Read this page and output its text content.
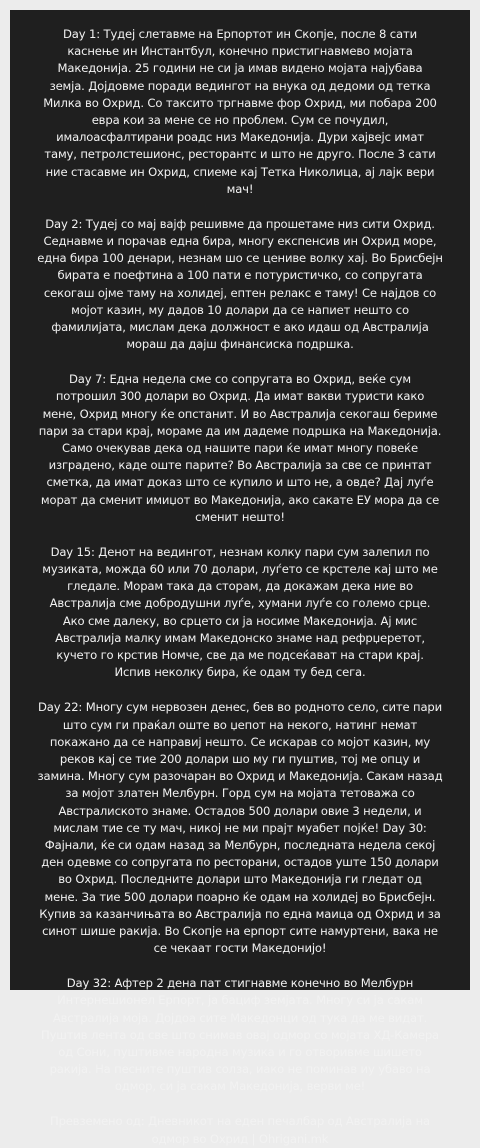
Day 1: Тудеј слетавме на Ерпортот ин Скопје, после 8 сати
каснење ин Инстантбул, конечно пристигнавмево мојата
Македонија. 25 години не си ја имав видено мојата најубава
земја. Дојдовме поради ведингот на внука од дедоми од тетка
Милка во Охрид. Со таксито тргнавме фор Охрид, ми побара 200
евра кои за мене се но проблем. Сум се почудил,
ималоасфалтирани роадс низ Македонија. Дури хајвејс имат
таму, петролстешионс, ресторантс и што не друго. После 3 сати
ние стасавме ин Охрид, спиеме кај Тетка Николица, ај лајк вери
мач!

Day 2: Тудеј со мај вајф решивме да прошетаме низ сити Охрид.
Седнавме и порачав една бира, многу експенсив ин Охрид море,
една бира 100 денари, незнам шо се цениве волку хај. Во Брисбејн
бирата е поефтина а 100 пати е потуристичко, со сопругата
секогаш ојме таму на холидеј, ептен релакс е таму! Се најдов со
мојот казин, му дадов 10 долари да се напиет нешто со
фамилијата, мислам дека должност е ако идаш од Австралија
мораш да дајш финансиска подршка.

Day 7: Една недела сме со сопругата во Охрид, веќе сум
потрошил 300 долари во Охрид. Да имат вакви туристи како
мене, Охрид многу ќе опстанит. И во Австралија секогаш бериме
пари за стари крај, мораме да им дадеме подршка на Македонија.
Само очекував дека од нашите пари ќе имат многу повеќе
изградено, каде оште парите? Во Австралија за све се принтат
сметка, да имат доказ што се купило и што не, а овде? Дај луѓе
морат да сменит имиџот во Македонија, ако сакате ЕУ мора да се
сменит нешто!

Day 15: Денот на ведингот, незнам колку пари сум залепил по
музиката, можда 60 или 70 долари, луѓето се крстеле кај што ме
гледале. Морам така да сторам, да докажам дека ние во
Австралија сме добродушни луѓе, хумани луѓе со големо срце.
Ако сме далеку, во срцето си ја носиме Македонија. Ај мис
Австралија малку имам Македонско знаме над рефрџеретот,
кучето го крстив Номче, све да ме подсеќават на стари крај.
Испив неколку бира, ќе одам ту бед сега.

Day 22: Многу сум нервозен денес, бев во родното село, сите пари
што сум ги праќал оште во џепот на некого, натинг немат
покажано да се направиј нешто. Се искарав со мојот казин, му
реков кај се тие 200 долари шо му ги пуштив, тој ме опцу и
замина. Многу сум разочаран во Охрид и Македонија. Сакам назад
за мојот златен Мелбурн. Горд сум на мојата тетоважа со
Австралиското знаме. Остадов 500 долари овие 3 недели, и
мислам тие се ту мач, никој не ми прајт муабет појќе! Day 30:
Фајнали, ќе си одам назад за Мелбурн, последната недела секој
ден одевме со сопругата по ресторани, остадов уште 150 долари
во Охрид. Последните долари што Македонија ги гледат од
мене. За тие 500 долари поарно ќе одам на холидеј во Брисбејн.
Купив за казанчињата во Австралија по една маица од Охрид и за
синот шише ракија. Во Скопје на ерпорт сите намуртени, вака не
се чекаат гости Македонијо!

Day 32: Афтер 2 дена пат стигнавме конечно во Мелбурн
Интернешионел Ерпорт, ја бациф земјата. Многу си ја сакам
Австралија моја. Дојдоа сите Македонци од тука да ме видат.
Пуштив лента од све што снимав овај одмор со мојата ХД-Камера
од Сони, пуштивме народна музика и го отворивме шишето
ракија. На песните пуштив солза, иако не поминав иу убаво на
одмор, си ја сакам Македонија, верви ме!

Превземено од: Дневникот на еден печалбар од Австралија на
одмор во Охрид | Ohrigani.mk
